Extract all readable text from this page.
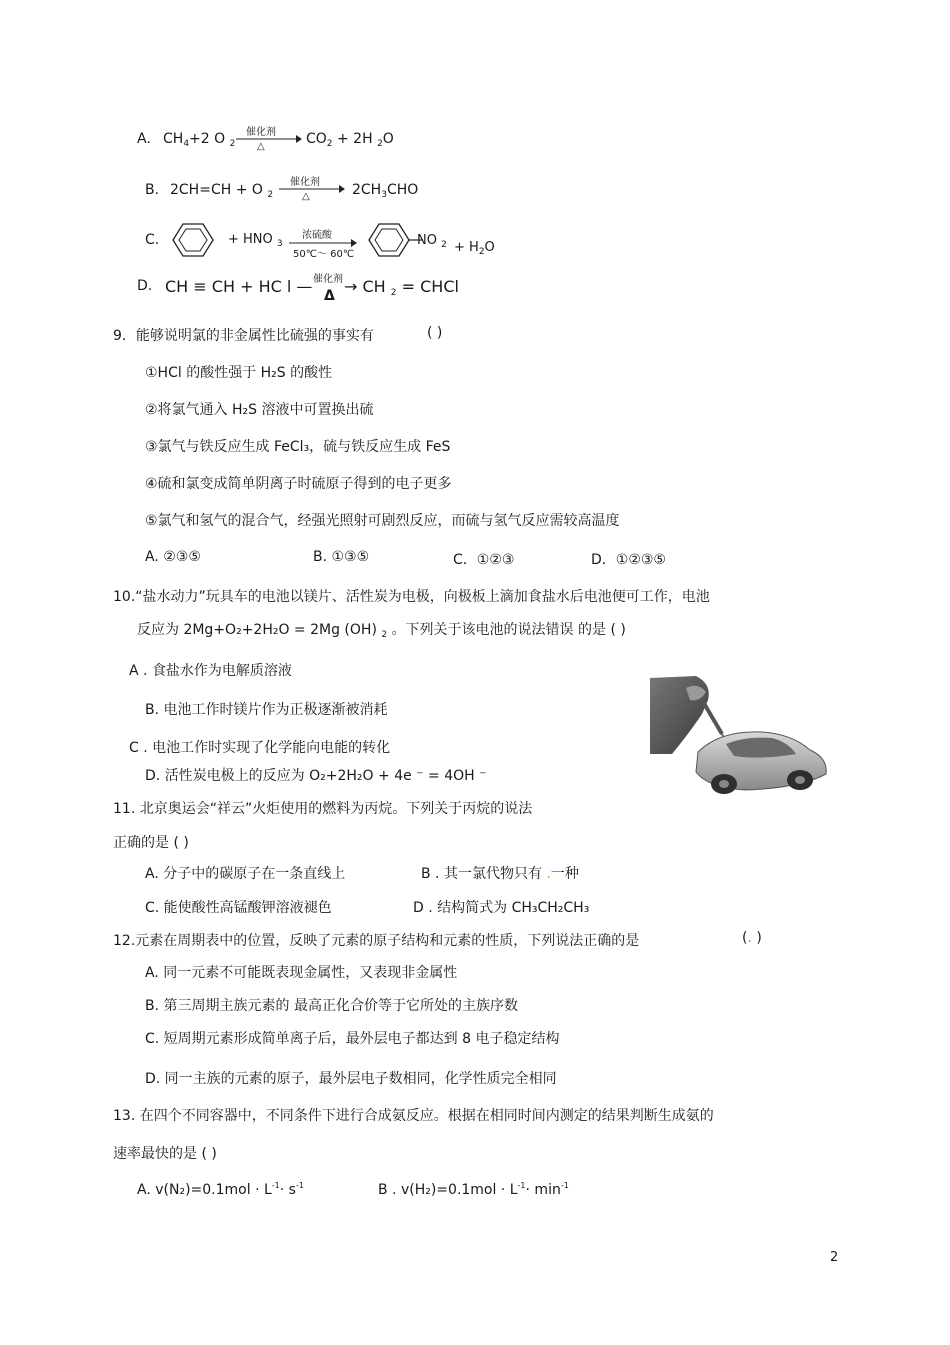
A. $CH_4+2$ O $_2$
催化剂
△	$CO_2 + 2H$ $_2$O
B. 2CH=CH + O $_2$
催化剂
△	$2CH_3CHO$
C.	+ HNO $_3$
浓硫酸
50℃～ 60℃
NO $_2 + H_2O$
D. CH ≡ CH + HC l — 催化剂
Δ → CH $_2$ = CHCl
9．能够说明氯的非金属性比硫强的事实有	( )
①HCl 的酸性强于 H₂S 的酸性
②将氯气通入 H₂S 溶液中可置换出硫
③氯气与铁反应生成 FeCl₃，硫与铁反应生成 FeS
④硫和氯变成简单阴离子时硫原子得到的电子更多
⑤氯气和氢气的混合气，经强光照射可剧烈反应，而硫与氢气反应需较高温度
A. ②③⑤	B. ①③⑤	C．①②③	D．①②③⑤
10.“盐水动力”玩具车的电池以镁片、活性炭为电极，向极板上滴加食盐水后电池便可工作，电池
反应为 2Mg+O₂+2H₂O = 2Mg (OH) $_2$ 。下列关于该电池的说法错误 的是 ( )
A . 食盐水作为电解质溶液
B. 电池工作时镁片作为正极逐渐被消耗
C . 电池工作时实现了化学能向电能的转化
D. 活性炭电极上的反应为 O₂+2H₂O + 4e ⁻ = 4OH ⁻
11. 北京奥运会“祥云”火炬使用的燃料为丙烷。下列关于丙烷的说法
正确的是 ( )
A. 分子中的碳原子在一条直线上	B . 其一氯代物只有 .一种
C. 能使酸性高锰酸钾溶液褪色	D . 结构简式为 CH₃CH₂CH₃
12.元素在周期表中的位置，反映了元素的原子结构和元素的性质，下列说法正确的是	(. )
A. 同一元素不可能既表现金属性，又表现非金属性
B. 第三周期主族元素的 最高正化合价等于它所处的主族序数
C. 短周期元素形成简单离子后，最外层电子都达到 8 电子稳定结构
D. 同一主族的元素的原子，最外层电子数相同，化学性质完全相同
13. 在四个不同容器中，不同条件下进行合成氨反应。根据在相同时间内测定的结果判断生成氨的
速率最快的是 ( )
A. $v(N_2)=0.1mol \cdot L^{-1}\cdot s^{-1}$	B . $v(H_2)=0.1mol \cdot L^{-1}\cdot \min^{-1}$
2
